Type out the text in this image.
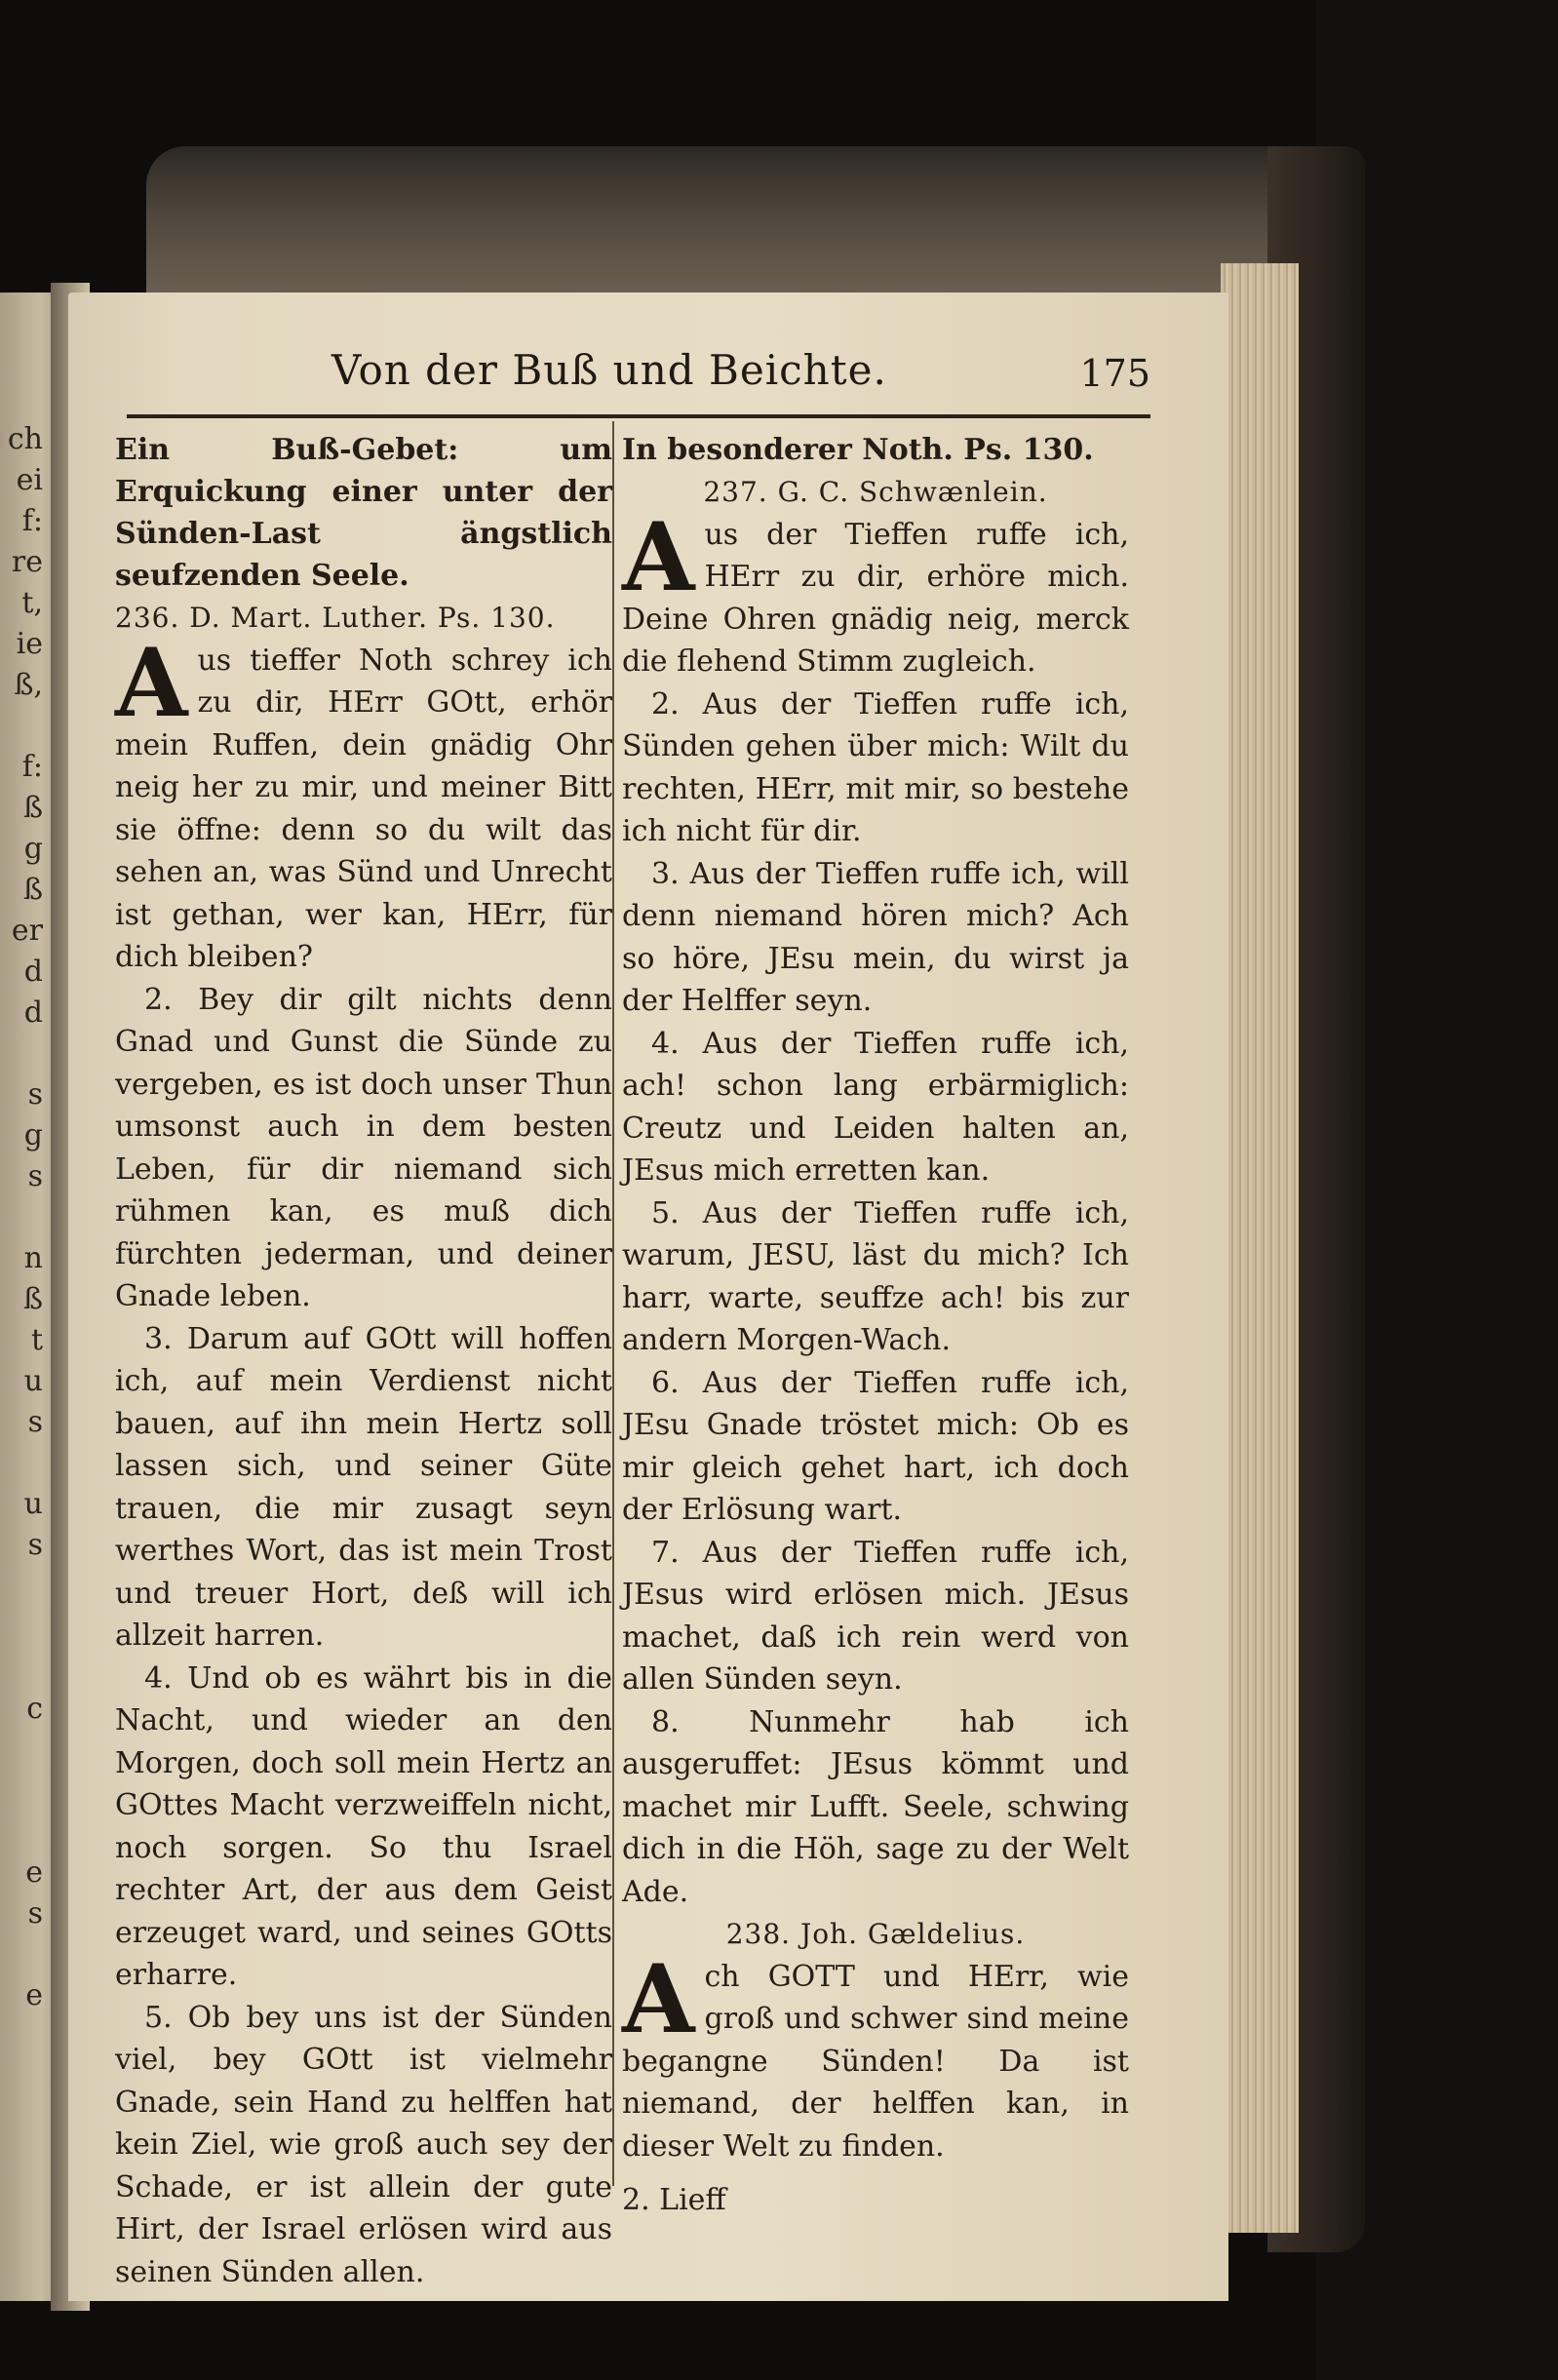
ch
ei
f:
re
t,
ie
ß,
f:
ß
g
ß
er
d
d
s
g
s
n
ß
t
u
s
u
s
c
e
s
e
Von der Buß und Beichte.	175

Ein Buß-Gebet: um Erquickung einer unter der Sünden-Last ängstlich seufzenden Seele.

236. D. Mart. Luther. Ps. 130.

Aus tieffer Noth schrey ich zu dir, HErr GOtt, erhör mein Ruffen, dein gnädig Ohr neig her zu mir, und meiner Bitt sie öffne: denn so du wilt das sehen an, was Sünd und Unrecht ist gethan, wer kan, HErr, für dich bleiben?

2. Bey dir gilt nichts denn Gnad und Gunst die Sünde zu vergeben, es ist doch unser Thun umsonst auch in dem besten Leben, für dir niemand sich rühmen kan, es muß dich fürchten jederman, und deiner Gnade leben.

3. Darum auf GOtt will hoffen ich, auf mein Verdienst nicht bauen, auf ihn mein Hertz soll lassen sich, und seiner Güte trauen, die mir zusagt seyn werthes Wort, das ist mein Trost und treuer Hort, deß will ich allzeit harren.

4. Und ob es währt bis in die Nacht, und wieder an den Morgen, doch soll mein Hertz an GOttes Macht verzweiffeln nicht, noch sorgen. So thu Israel rechter Art, der aus dem Geist erzeuget ward, und seines GOtts erharre.

5. Ob bey uns ist der Sünden viel, bey GOtt ist vielmehr Gnade, sein Hand zu helffen hat kein Ziel, wie groß auch sey der Schade, er ist allein der gute Hirt, der Israel erlösen wird aus seinen Sünden allen.

In besonderer Noth. Ps. 130.

237. G. C. Schwænlein.

Aus der Tieffen ruffe ich, HErr zu dir, erhöre mich. Deine Ohren gnädig neig, merck die flehend Stimm zugleich.

2. Aus der Tieffen ruffe ich, Sünden gehen über mich: Wilt du rechten, HErr, mit mir, so bestehe ich nicht für dir.

3. Aus der Tieffen ruffe ich, will denn niemand hören mich? Ach so höre, JEsu mein, du wirst ja der Helffer seyn.

4. Aus der Tieffen ruffe ich, ach! schon lang erbärmiglich: Creutz und Leiden halten an, JEsus mich erretten kan.

5. Aus der Tieffen ruffe ich, warum, JESU, läst du mich? Ich harr, warte, seuffze ach! bis zur andern Morgen-Wach.

6. Aus der Tieffen ruffe ich, JEsu Gnade tröstet mich: Ob es mir gleich gehet hart, ich doch der Erlösung wart.

7. Aus der Tieffen ruffe ich, JEsus wird erlösen mich. JEsus machet, daß ich rein werd von allen Sünden seyn.

8. Nunmehr hab ich ausgeruffet: JEsus kömmt und machet mir Lufft. Seele, schwing dich in die Höh, sage zu der Welt Ade.

238. Joh. Gældelius.

Ach GOTT und HErr, wie groß und schwer sind meine begangne Sünden! Da ist niemand, der helffen kan, in dieser Welt zu finden.

2. Lieff
